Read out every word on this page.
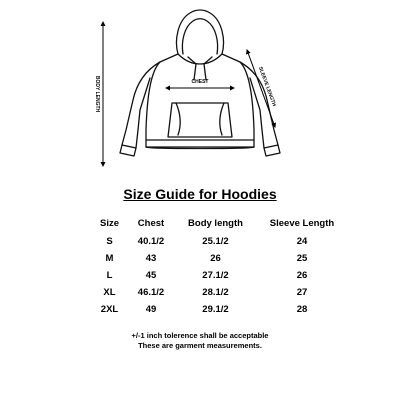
CHEST
BODY LENGTH	SLEEVE LENGTH
Size Guide for Hoodies
Size	Chest	Body length	Sleeve Length
S	40.1/2	25.1/2	24
M	43	26	25
L	45	27.1/2	26
XL	46.1/2	28.1/2	27
2XL	49	29.1/2	28
+/-1 inch tolerence shall be acceptable
These are garment measurements.
